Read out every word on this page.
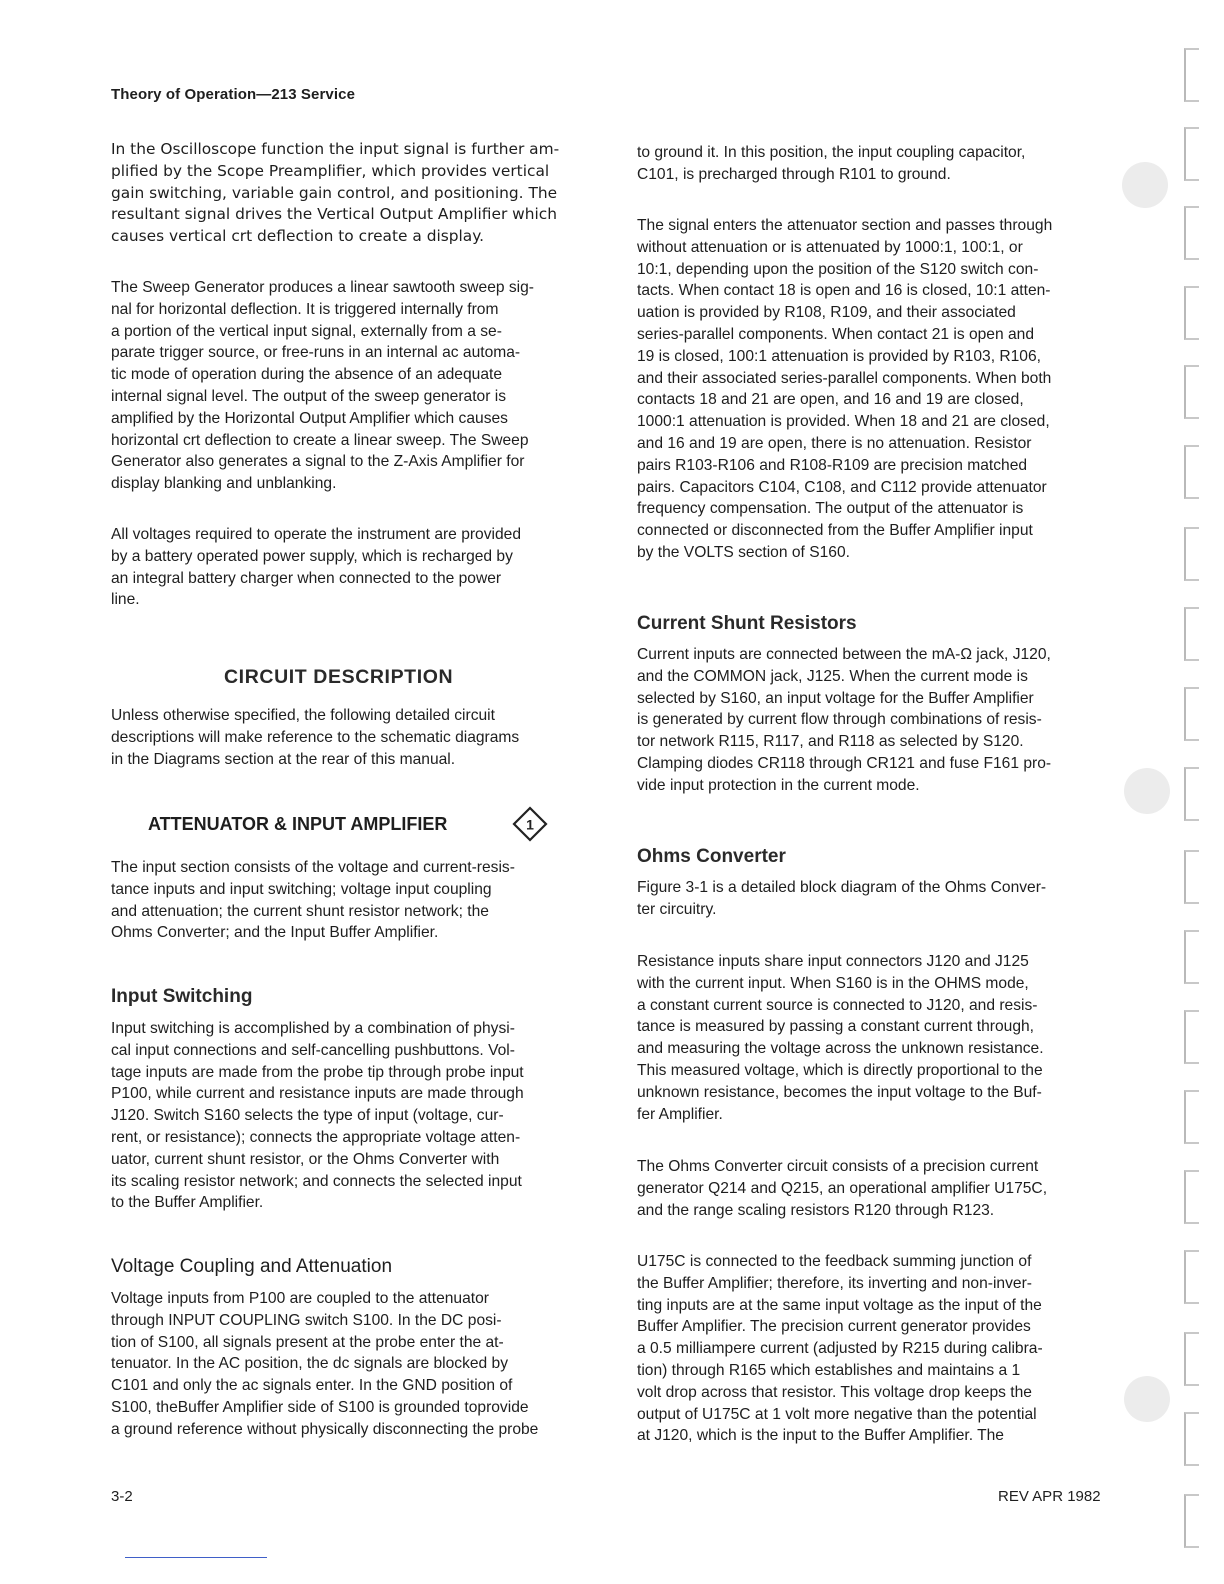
Theory of Operation—213 Service
In the Oscilloscope function the input signal is further am-
plified by the Scope Preamplifier, which provides vertical
gain switching, variable gain control, and positioning. The
resultant signal drives the Vertical Output Amplifier which
causes vertical crt deflection to create a display.
The Sweep Generator produces a linear sawtooth sweep sig-
nal for horizontal deflection. It is triggered internally from
a portion of the vertical input signal, externally from a se-
parate trigger source, or free-runs in an internal ac automa-
tic mode of operation during the absence of an adequate
internal signal level. The output of the sweep generator is
amplified by the Horizontal Output Amplifier which causes
horizontal crt deflection to create a linear sweep. The Sweep
Generator also generates a signal to the Z-Axis Amplifier for
display blanking and unblanking.
All voltages required to operate the instrument are provided
by a battery operated power supply, which is recharged by
an integral battery charger when connected to the power
line.
CIRCUIT DESCRIPTION
Unless otherwise specified, the following detailed circuit
descriptions will make reference to the schematic diagrams
in the Diagrams section at the rear of this manual.
ATTENUATOR & INPUT AMPLIFIER	1
The input section consists of the voltage and current-resis-
tance inputs and input switching; voltage input coupling
and attenuation; the current shunt resistor network; the
Ohms Converter; and the Input Buffer Amplifier.
Input Switching
Input switching is accomplished by a combination of physi-
cal input connections and self-cancelling pushbuttons. Vol-
tage inputs are made from the probe tip through probe input
P100, while current and resistance inputs are made through
J120. Switch S160 selects the type of input (voltage, cur-
rent, or resistance); connects the appropriate voltage atten-
uator, current shunt resistor, or the Ohms Converter with
its scaling resistor network; and connects the selected input
to the Buffer Amplifier.
Voltage Coupling and Attenuation
Voltage inputs from P100 are coupled to the attenuator
through INPUT COUPLING switch S100. In the DC posi-
tion of S100, all signals present at the probe enter the at-
tenuator. In the AC position, the dc signals are blocked by
C101 and only the ac signals enter. In the GND position of
S100, theBuffer Amplifier side of S100 is grounded toprovide
a ground reference without physically disconnecting the probe
to ground it. In this position, the input coupling capacitor,
C101, is precharged through R101 to ground.
The signal enters the attenuator section and passes through
without attenuation or is attenuated by 1000:1, 100:1, or
10:1, depending upon the position of the S120 switch con-
tacts. When contact 18 is open and 16 is closed, 10:1 atten-
uation is provided by R108, R109, and their associated
series-parallel components. When contact 21 is open and
19 is closed, 100:1 attenuation is provided by R103, R106,
and their associated series-parallel components. When both
contacts 18 and 21 are open, and 16 and 19 are closed,
1000:1 attenuation is provided. When 18 and 21 are closed,
and 16 and 19 are open, there is no attenuation. Resistor
pairs R103-R106 and R108-R109 are precision matched
pairs. Capacitors C104, C108, and C112 provide attenuator
frequency compensation. The output of the attenuator is
connected or disconnected from the Buffer Amplifier input
by the VOLTS section of S160.
Current Shunt Resistors
Current inputs are connected between the mA-Ω jack, J120,
and the COMMON jack, J125. When the current mode is
selected by S160, an input voltage for the Buffer Amplifier
is generated by current flow through combinations of resis-
tor network R115, R117, and R118 as selected by S120.
Clamping diodes CR118 through CR121 and fuse F161 pro-
vide input protection in the current mode.
Ohms Converter
Figure 3-1 is a detailed block diagram of the Ohms Conver-
ter circuitry.
Resistance inputs share input connectors J120 and J125
with the current input. When S160 is in the OHMS mode,
a constant current source is connected to J120, and resis-
tance is measured by passing a constant current through,
and measuring the voltage across the unknown resistance.
This measured voltage, which is directly proportional to the
unknown resistance, becomes the input voltage to the Buf-
fer Amplifier.
The Ohms Converter circuit consists of a precision current
generator Q214 and Q215, an operational amplifier U175C,
and the range scaling resistors R120 through R123.
U175C is connected to the feedback summing junction of
the Buffer Amplifier; therefore, its inverting and non-inver-
ting inputs are at the same input voltage as the input of the
Buffer Amplifier. The precision current generator provides
a 0.5 milliampere current (adjusted by R215 during calibra-
tion) through R165 which establishes and maintains a 1
volt drop across that resistor. This voltage drop keeps the
output of U175C at 1 volt more negative than the potential
at J120, which is the input to the Buffer Amplifier. The
3-2	REV APR 1982
